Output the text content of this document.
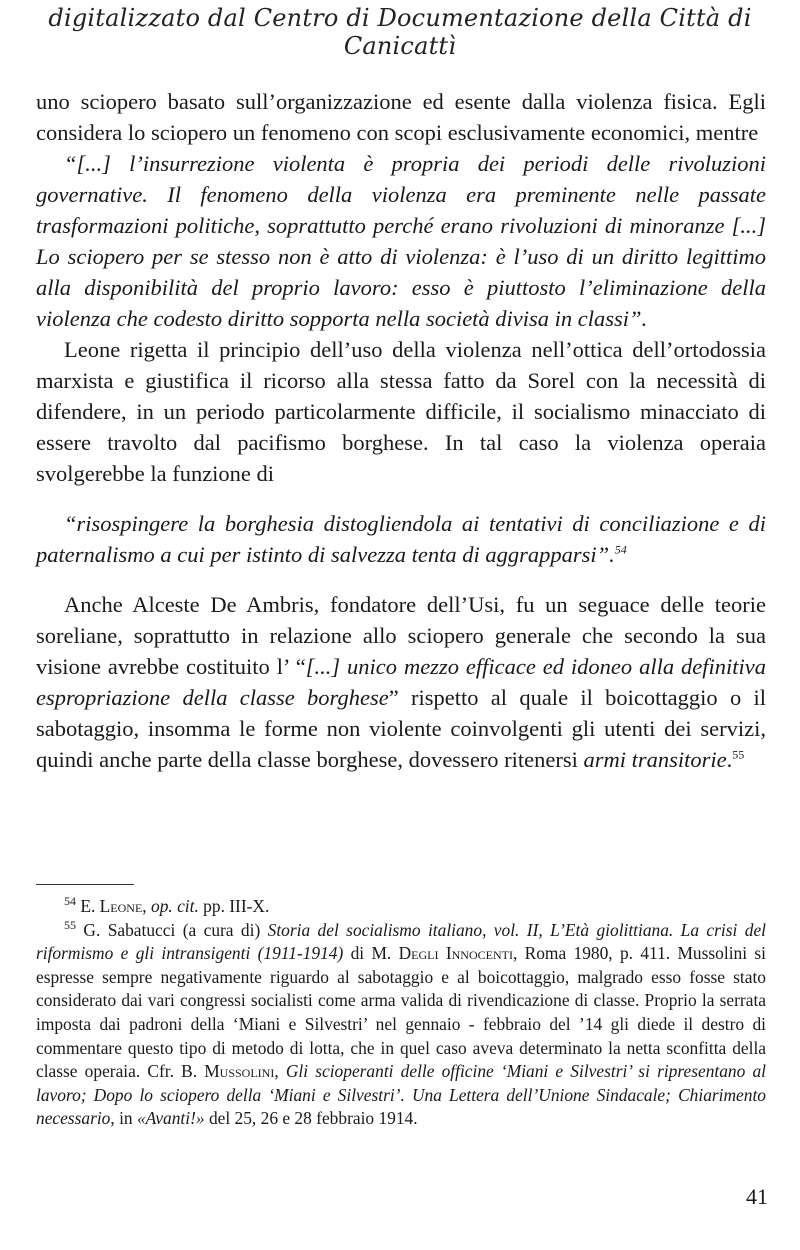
digitalizzato dal Centro di Documentazione della Città di Canicattì

uno sciopero basato sull’organizzazione ed esente dalla violenza fisica. Egli considera lo sciopero un fenomeno con scopi esclusivamente economici, mentre

“[...] l’insurrezione violenta è propria dei periodi delle rivoluzioni governative. Il fenomeno della violenza era preminente nelle passate trasformazioni politiche, soprattutto perché erano rivoluzioni di minoranze [...] Lo sciopero per se stesso non è atto di violenza: è l’uso di un diritto legittimo alla disponibilità del proprio lavoro: esso è piuttosto l’eliminazione della violenza che codesto diritto sopporta nella società divisa in classi”.

Leone rigetta il principio dell’uso della violenza nell’ottica dell’ortodossia marxista e giustifica il ricorso alla stessa fatto da Sorel con la necessità di difendere, in un periodo particolarmente difficile, il socialismo minacciato di essere travolto dal pacifismo borghese. In tal caso la violenza operaia svolgerebbe la funzione di

“risospingere la borghesia distogliendola ai tentativi di conciliazione e di paternalismo a cui per istinto di salvezza tenta di aggrapparsi”.$^{54}$

Anche Alceste De Ambris, fondatore dell’Usi, fu un seguace delle teorie soreliane, soprattutto in relazione allo sciopero generale che secondo la sua visione avrebbe costituito l’ “[...] unico mezzo efficace ed idoneo alla definitiva espropriazione della classe borghese” rispetto al quale il boicottaggio o il sabotaggio, insomma le forme non violente coinvolgenti gli utenti dei servizi, quindi anche parte della classe borghese, dovessero ritenersi armi transitorie.$^{55}$

$^{54}$ E. Leone, op. cit. pp. III-X.

$^{55}$ G. Sabatucci (a cura di) Storia del socialismo italiano, vol. II, L’Età giolittiana. La crisi del riformismo e gli intransigenti (1911-1914) di M. Degli Innocenti, Roma 1980, p. 411. Mussolini si espresse sempre negativamente riguardo al sabotaggio e al boicottaggio, malgrado esso fosse stato considerato dai vari congressi socialisti come arma valida di rivendicazione di classe. Proprio la serrata imposta dai padroni della ‘Miani e Silvestri’ nel gennaio - febbraio del ’14 gli diede il destro di commentare questo tipo di metodo di lotta, che in quel caso aveva determinato la netta sconfitta della classe operaia. Cfr. B. Mussolini, Gli scioperanti delle officine ‘Miani e Silvestri’ si ripresentano al lavoro; Dopo lo sciopero della ‘Miani e Silvestri’. Una Lettera dell’Unione Sindacale; Chiarimento necessario, in «Avanti!» del 25, 26 e 28 febbraio 1914.

41
